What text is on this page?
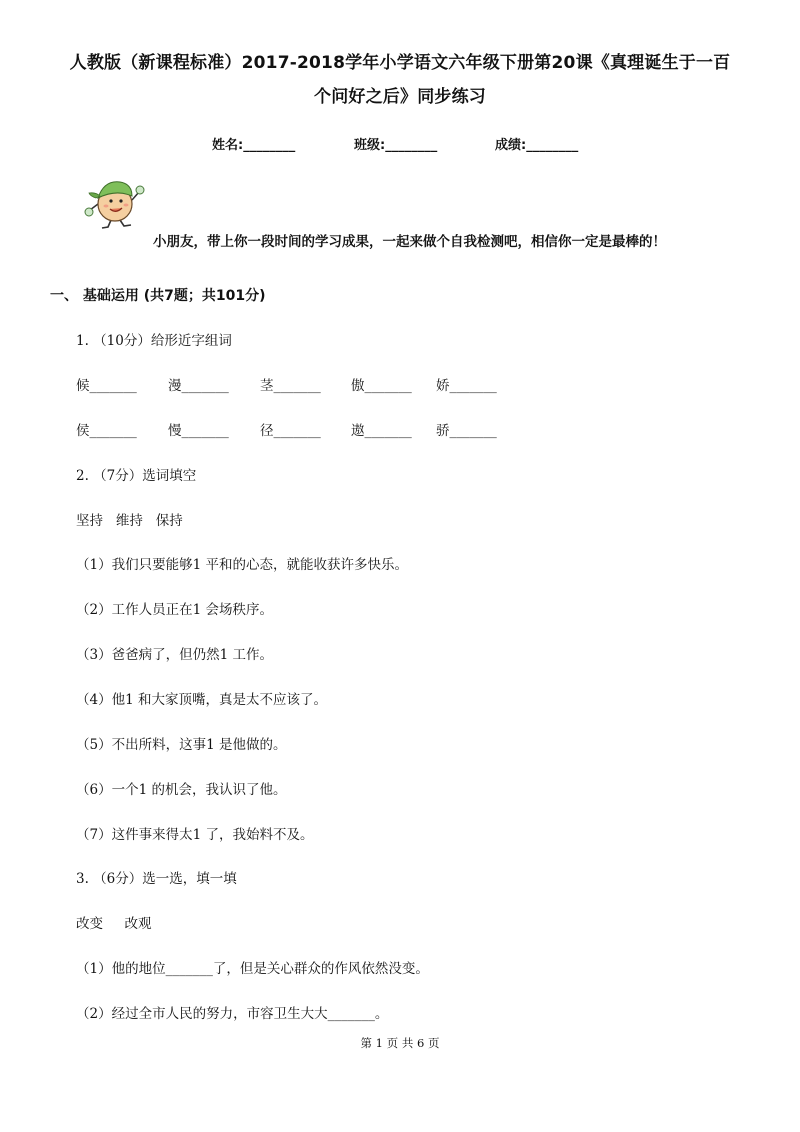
人教版（新课程标准）2017-2018学年小学语文六年级下册第20课《真理诞生于一百
个问好之后》同步练习
姓名:________	班级:________	成绩:________
小朋友，带上你一段时间的学习成果，一起来做个自我检测吧，相信你一定是最棒的！
一、 基础运用 (共7题；共101分)
1. （10分）给形近字组词
候_______ 漫_______ 茎_______ 傲_______ 娇_______
侯_______ 慢_______ 径_______ 遨_______ 骄_______
2. （7分）选词填空
坚持   维持   保持
（1）我们只要能够1 平和的心态，就能收获许多快乐。
（2）工作人员正在1 会场秩序。
（3）爸爸病了，但仍然1 工作。
（4）他1 和大家顶嘴，真是太不应该了。
（5）不出所料，这事1 是他做的。
（6）一个1 的机会，我认识了他。
（7）这件事来得太1 了，我始料不及。
3. （6分）选一选，填一填
改变     改观
（1）他的地位_______了，但是关心群众的作风依然没变。
（2）经过全市人民的努力，市容卫生大大_______。
第 1 页 共 6 页
